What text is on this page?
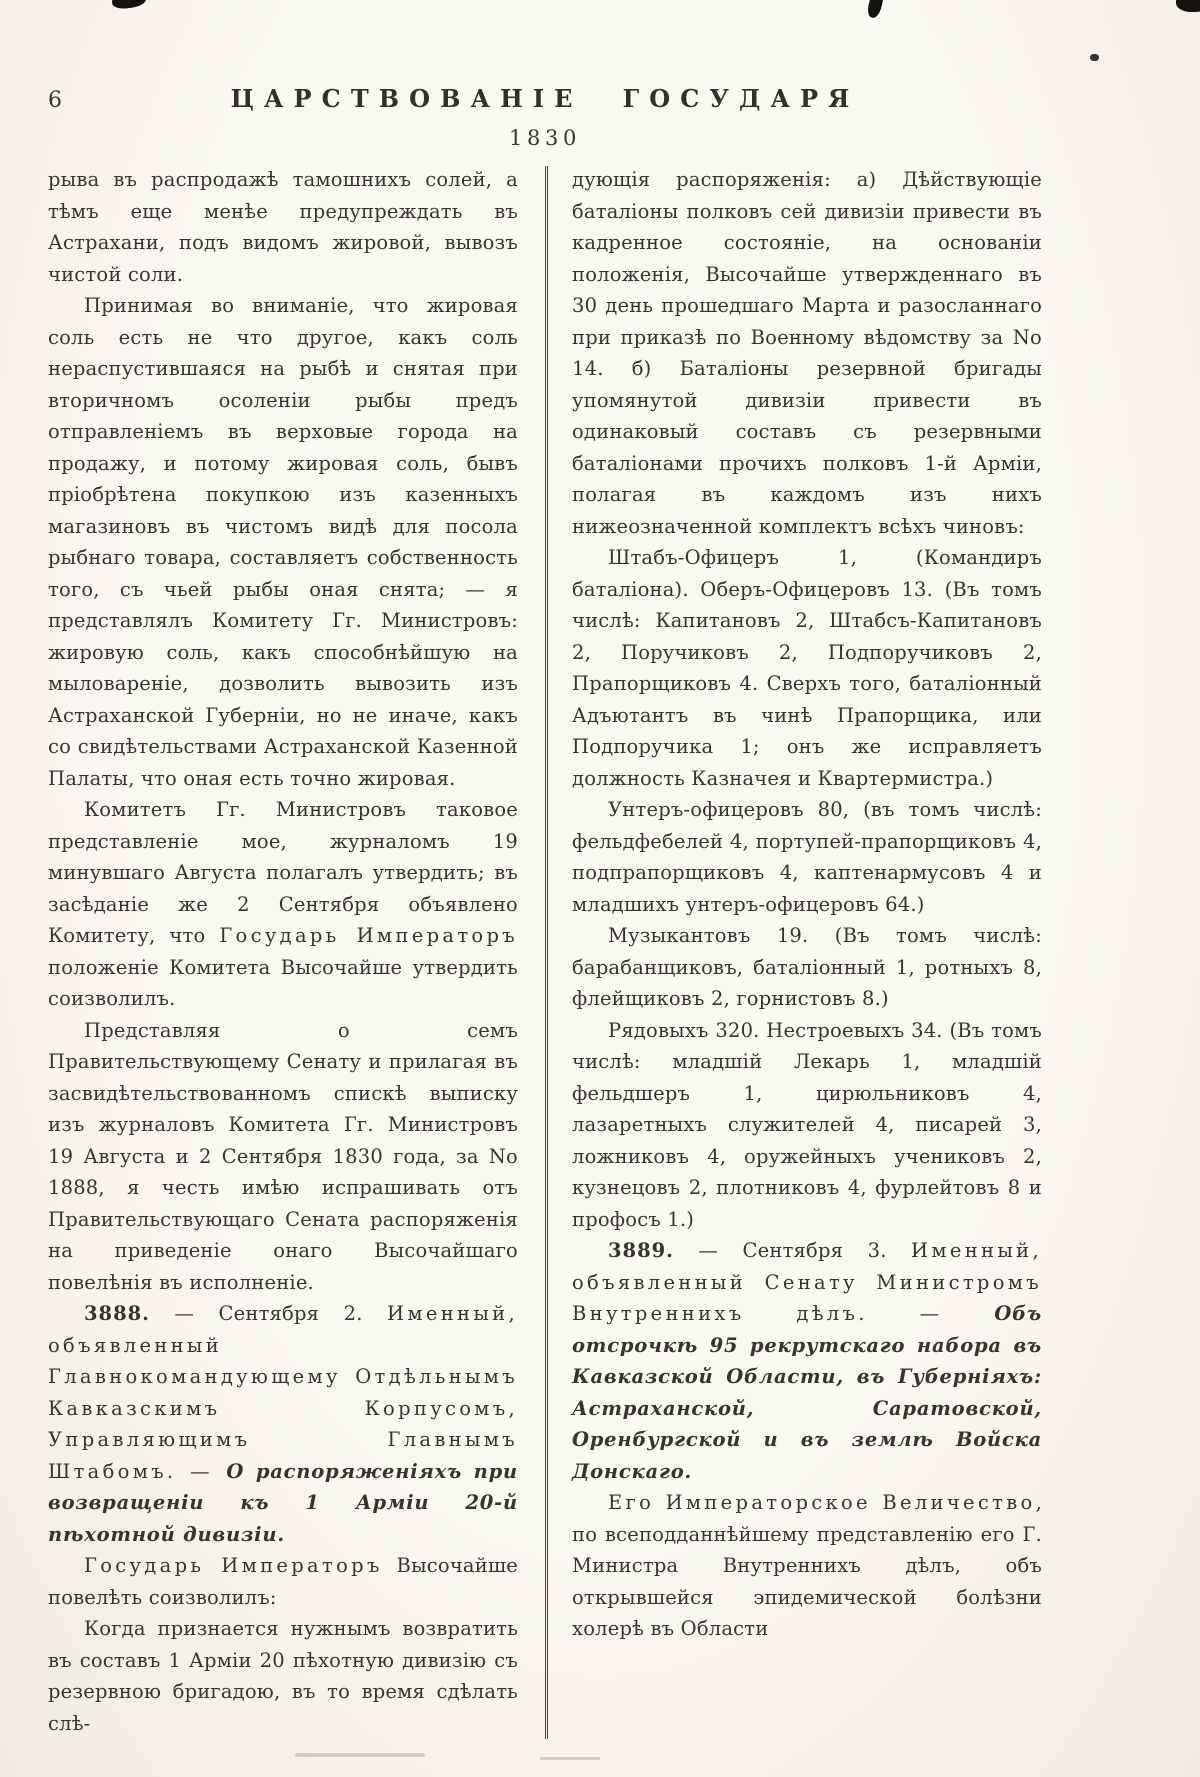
6	ЦАРСТВОВАНІЕ ГОСУДАРЯ
1830

рыва въ распродажѣ тамошнихъ солей, а тѣмъ еще менѣе предупреждать въ Астрахани, подъ видомъ жировой, вывозъ чистой соли.

Принимая во вниманіе, что жировая соль есть не что другое, какъ соль нераспустившаяся на рыбѣ и снятая при вторичномъ осоленіи рыбы предъ отправленіемъ въ верховые города на продажу, и потому жировая соль, бывъ пріобрѣтена покупкою изъ казенныхъ магазиновъ въ чистомъ видѣ для посола рыбнаго товара, составляетъ собственность того, съ чьей рыбы оная снята; — я представлялъ Комитету Гг. Министровъ: жировую соль, какъ способнѣйшую на мыловареніе, дозволить вывозить изъ Астраханской Губерніи, но не иначе, какъ со свидѣтельствами Астраханской Казенной Палаты, что оная есть точно жировая.

Комитетъ Гг. Министровъ таковое представленіе мое, журналомъ 19 минувшаго Августа полагалъ утвердить; въ засѣданіе же 2 Сентября объявлено Комитету, что Государь Императоръ положеніе Комитета Высочайше утвердить соизволилъ.

Представляя о семъ Правительствующему Сенату и прилагая въ засвидѣтельствованномъ спискѣ выписку изъ журналовъ Комитета Гг. Министровъ 19 Августа и 2 Сентября 1830 года, за No 1888, я честь имѣю испрашивать отъ Правительствующаго Сената распоряженія на приведеніе онаго Высочайшаго повелѣнія въ исполненіе.

3888. — Сентября 2. Именный, объявленный Главнокомандующему Отдѣльнымъ Кавказскимъ Корпусомъ, Управляющимъ Главнымъ Штабомъ. — О распоряженіяхъ при возвращеніи къ 1 Арміи 20-й пѣхотной дивизіи.

Государь Императоръ Высочайше повелѣть соизволилъ:

Когда признается нужнымъ возвратить въ составъ 1 Арміи 20 пѣхотную дивизію съ резервною бригадою, въ то время сдѣлать слѣ-

дующія распоряженія: а) Дѣйствующіе баталіоны полковъ сей дивизіи привести въ кадренное состояніе, на основаніи положенія, Высочайше утвержденнаго въ 30 день прошедшаго Марта и разосланнаго при приказѣ по Военному вѣдомству за No 14. б) Баталіоны резервной бригады упомянутой дивизіи привести въ одинаковый составъ съ резервными баталіонами прочихъ полковъ 1-й Арміи, полагая въ каждомъ изъ нихъ нижеозначенной комплектъ всѣхъ чиновъ:

Штабъ-Офицеръ 1, (Командиръ баталіона). Оберъ-Офицеровъ 13. (Въ томъ числѣ: Капитановъ 2, Штабсъ-Капитановъ 2, Поручиковъ 2, Подпоручиковъ 2, Прапорщиковъ 4. Сверхъ того, баталіонный Адъютантъ въ чинѣ Прапорщика, или Подпоручика 1; онъ же исправляетъ должность Казначея и Квартермистра.)

Унтеръ-офицеровъ 80, (въ томъ числѣ: фельдфебелей 4, портупей-прапорщиковъ 4, подпрапорщиковъ 4, каптенармусовъ 4 и младшихъ унтеръ-офицеровъ 64.)

Музыкантовъ 19. (Въ томъ числѣ: барабанщиковъ, баталіонный 1, ротныхъ 8, флейщиковъ 2, горнистовъ 8.)

Рядовыхъ 320. Нестроевыхъ 34. (Въ томъ числѣ: младшій Лекарь 1, младшій фельдшеръ 1, цирюльниковъ 4, лазаретныхъ служителей 4, писарей 3, ложниковъ 4, оружейныхъ учениковъ 2, кузнецовъ 2, плотниковъ 4, фурлейтовъ 8 и профосъ 1.)

3889. — Сентября 3. Именный, объявленный Сенату Министромъ Внутреннихъ дѣлъ. — Объ отсрочкѣ 95 рекрутскаго набора въ Кавказской Области, въ Губерніяхъ: Астраханской, Саратовской, Оренбургской и въ землѣ Войска Донскаго.

Его Императорское Величество, по всеподданнѣйшему представленію его Г. Министра Внутреннихъ дѣлъ, объ открывшейся эпидемической болѣзни холерѣ въ Области
